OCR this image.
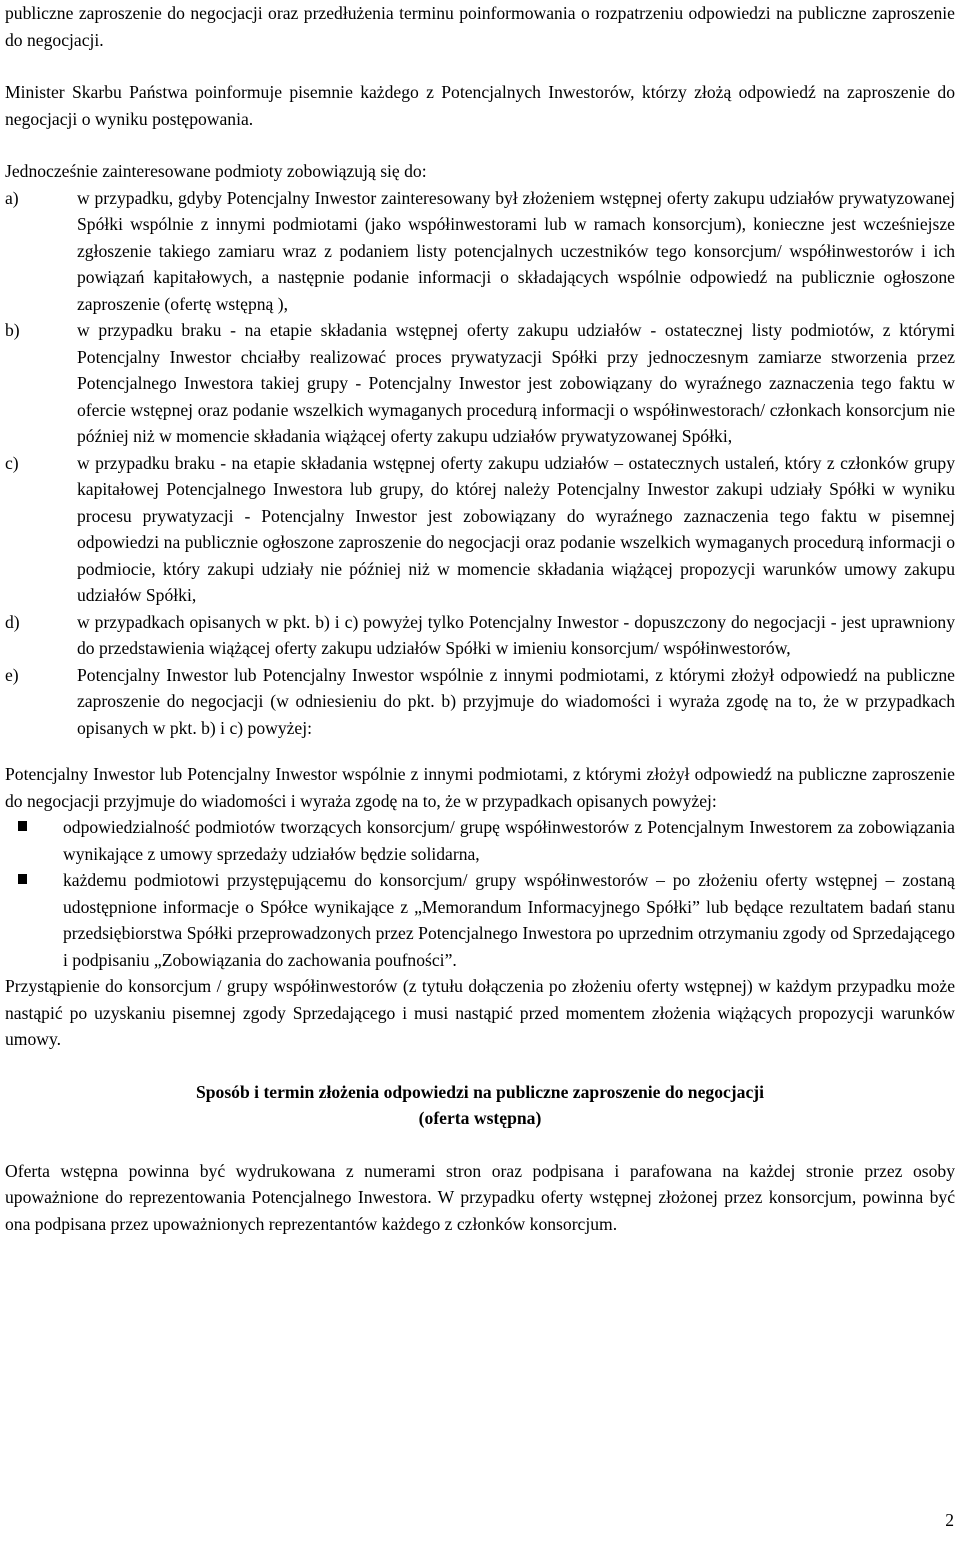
publiczne zaproszenie do negocjacji oraz przedłużenia terminu poinformowania o rozpatrzeniu odpowiedzi na publiczne zaproszenie do negocjacji.

Minister Skarbu Państwa poinformuje pisemnie każdego z Potencjalnych Inwestorów, którzy złożą odpowiedź na zaproszenie do negocjacji o wyniku postępowania.

Jednocześnie zainteresowane podmioty zobowiązują się do:

a)	w przypadku, gdyby Potencjalny Inwestor zainteresowany był złożeniem wstępnej oferty zakupu udziałów prywatyzowanej Spółki wspólnie z innymi podmiotami (jako współinwestorami lub w ramach konsorcjum), konieczne jest wcześniejsze zgłoszenie takiego zamiaru wraz z podaniem listy potencjalnych uczestników tego konsorcjum/ współinwestorów i ich powiązań kapitałowych, a następnie podanie informacji o składających wspólnie odpowiedź na publicznie ogłoszone zaproszenie (ofertę wstępną ),
b)	w przypadku braku - na etapie składania wstępnej oferty zakupu udziałów - ostatecznej listy podmiotów, z którymi Potencjalny Inwestor chciałby realizować proces prywatyzacji Spółki przy jednoczesnym zamiarze stworzenia przez Potencjalnego Inwestora takiej grupy - Potencjalny Inwestor jest zobowiązany do wyraźnego zaznaczenia tego faktu w ofercie wstępnej oraz podanie wszelkich wymaganych procedurą informacji o współinwestorach/ członkach konsorcjum nie później niż w momencie składania wiążącej oferty zakupu udziałów prywatyzowanej Spółki,
c)	w przypadku braku - na etapie składania wstępnej oferty zakupu udziałów – ostatecznych ustaleń, który z członków grupy kapitałowej Potencjalnego Inwestora lub grupy, do której należy Potencjalny Inwestor zakupi udziały Spółki w wyniku procesu prywatyzacji - Potencjalny Inwestor jest zobowiązany do wyraźnego zaznaczenia tego faktu w pisemnej odpowiedzi na publicznie ogłoszone zaproszenie do negocjacji oraz podanie wszelkich wymaganych procedurą informacji o podmiocie, który zakupi udziały nie później niż w momencie składania wiążącej propozycji warunków umowy zakupu udziałów Spółki,
d)	w przypadkach opisanych w pkt. b) i c) powyżej tylko Potencjalny Inwestor - dopuszczony do negocjacji - jest uprawniony do przedstawienia wiążącej oferty zakupu udziałów Spółki w imieniu konsorcjum/ współinwestorów,
e)	Potencjalny Inwestor lub Potencjalny Inwestor wspólnie z innymi podmiotami, z którymi złożył odpowiedź na publiczne zaproszenie do negocjacji (w odniesieniu do pkt. b) przyjmuje do wiadomości i wyraża zgodę na to, że w przypadkach opisanych w pkt. b) i c) powyżej:

Potencjalny Inwestor lub Potencjalny Inwestor wspólnie z innymi podmiotami, z którymi złożył odpowiedź na publiczne zaproszenie do negocjacji przyjmuje do wiadomości i wyraża zgodę na to, że w przypadkach opisanych powyżej:

odpowiedzialność podmiotów tworzących konsorcjum/ grupę współinwestorów z Potencjalnym Inwestorem za zobowiązania wynikające z umowy sprzedaży udziałów będzie solidarna,
każdemu podmiotowi przystępującemu do konsorcjum/ grupy współinwestorów – po złożeniu oferty wstępnej – zostaną udostępnione informacje o Spółce wynikające z „Memorandum Informacyjnego Spółki” lub będące rezultatem badań stanu przedsiębiorstwa Spółki przeprowadzonych przez Potencjalnego Inwestora po uprzednim otrzymaniu zgody od Sprzedającego i podpisaniu „Zobowiązania do zachowania poufności”.

Przystąpienie do konsorcjum / grupy współinwestorów (z tytułu dołączenia po złożeniu oferty wstępnej) w każdym przypadku może nastąpić po uzyskaniu pisemnej zgody Sprzedającego i musi nastąpić przed momentem złożenia wiążących propozycji warunków umowy.

Sposób i termin złożenia odpowiedzi na publiczne zaproszenie do negocjacji
(oferta wstępna)

Oferta wstępna powinna być wydrukowana z numerami stron oraz podpisana i parafowana na każdej stronie przez osoby upoważnione do reprezentowania Potencjalnego Inwestora. W przypadku oferty wstępnej złożonej przez konsorcjum, powinna być ona podpisana przez upoważnionych reprezentantów każdego z członków konsorcjum.

2
